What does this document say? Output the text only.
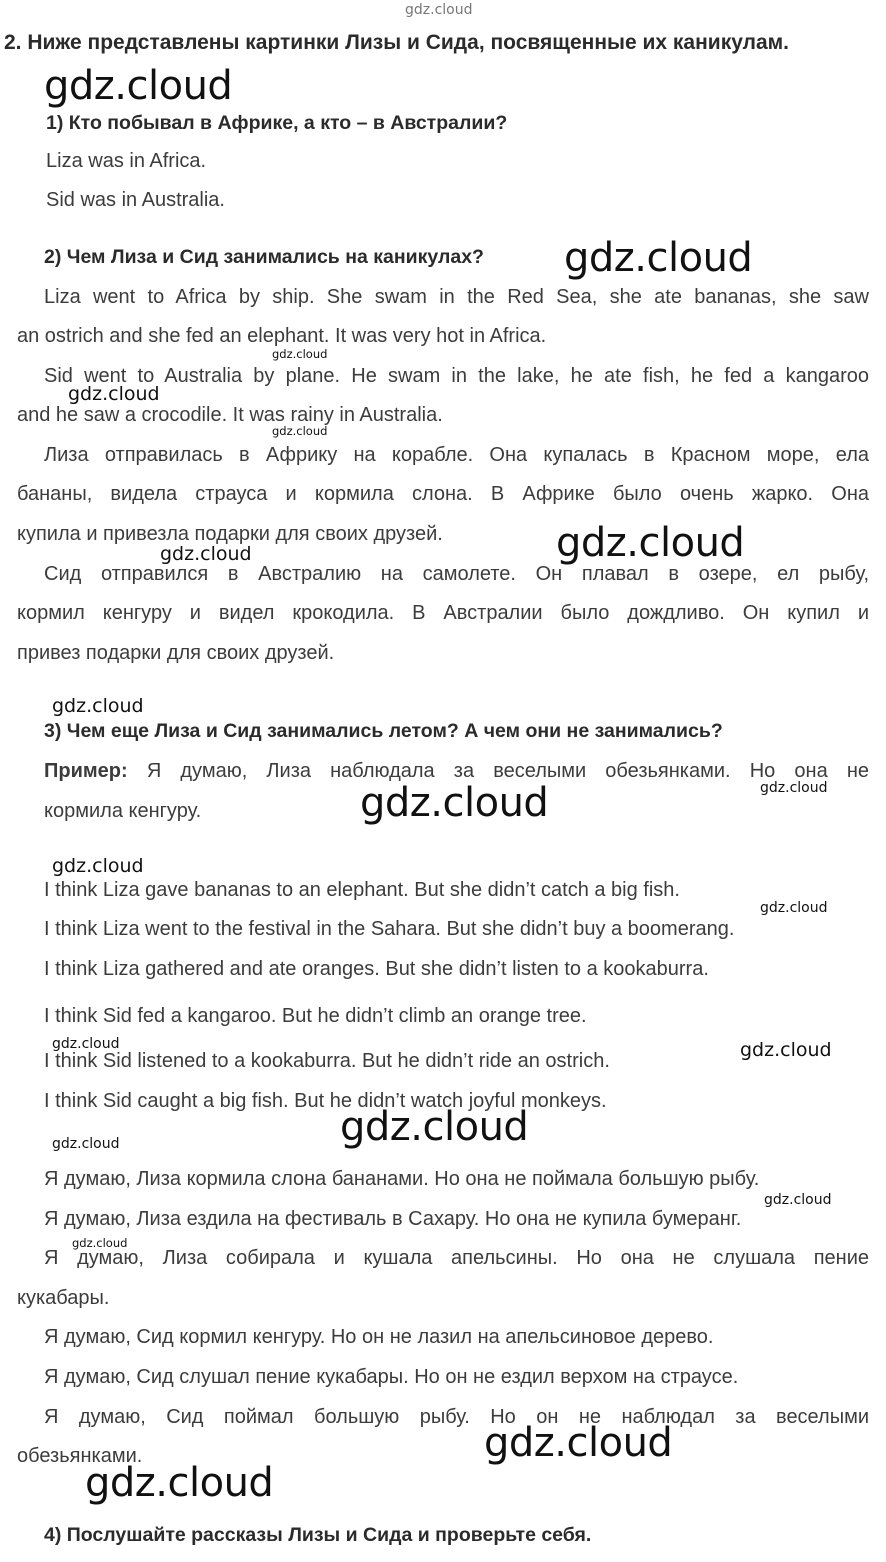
gdz.cloud
2. Ниже представлены картинки Лизы и Сида, посвященные их каникулам.
gdz.cloud
1) Кто побывал в Африке, а кто – в Австралии?
Liza was in Africa.
Sid was in Australia.
2) Чем Лиза и Сид занимались на каникулах? gdz.cloud
Liza went to Africa by ship. She swam in the Red Sea, she ate bananas, she saw
an ostrich and she fed an elephant. It was very hot in Africa.
gdz.cloud
Sid went to Australia by plane. He swam in the lake, he ate fish, he fed a kangaroo
gdz.cloud
and he saw a crocodile. It was rainy in Australia.
gdz.cloud
Лиза отправилась в Африку на корабле. Она купалась в Красном море, ела
бананы, видела страуса и кормила слона. В Африке было очень жарко. Она
купила и привезла подарки для своих друзей.	gdz.cloud
gdz.cloud
Сид отправился в Австралию на самолете. Он плавал в озере, ел рыбу,
кормил кенгуру и видел крокодила. В Австралии было дождливо. Он купил и
привез подарки для своих друзей.
gdz.cloud
3) Чем еще Лиза и Сид занимались летом? А чем они не занимались?
Пример: Я думаю, Лиза наблюдала за веселыми обезьянками. Но она не
gdz.cloud
кормила кенгуру.	gdz.cloud
gdz.cloud
I think Liza gave bananas to an elephant. But she didn’t catch a big fish.
gdz.cloud
I think Liza went to the festival in the Sahara. But she didn’t buy a boomerang.
I think Liza gathered and ate oranges. But she didn’t listen to a kookaburra.
I think Sid fed a kangaroo. But he didn’t climb an orange tree.
gdz.cloud	gdz.cloud
I think Sid listened to a kookaburra. But he didn’t ride an ostrich.
I think Sid caught a big fish. But he didn’t watch joyful monkeys.
gdz.cloud
gdz.cloud
Я думаю, Лиза кормила слона бананами. Но она не поймала большую рыбу.
gdz.cloud
Я думаю, Лиза ездила на фестиваль в Сахару. Но она не купила бумеранг.
gdz.cloud
Я думаю, Лиза собирала и кушала апельсины. Но она не слушала пение
кукабары.
Я думаю, Сид кормил кенгуру. Но он не лазил на апельсиновое дерево.
Я думаю, Сид слушал пение кукабары. Но он не ездил верхом на страусе.
Я думаю, Сид поймал большую рыбу. Но он не наблюдал за веселыми
обезьянками.	gdz.cloud
gdz.cloud
4) Послушайте рассказы Лизы и Сида и проверьте себя.
